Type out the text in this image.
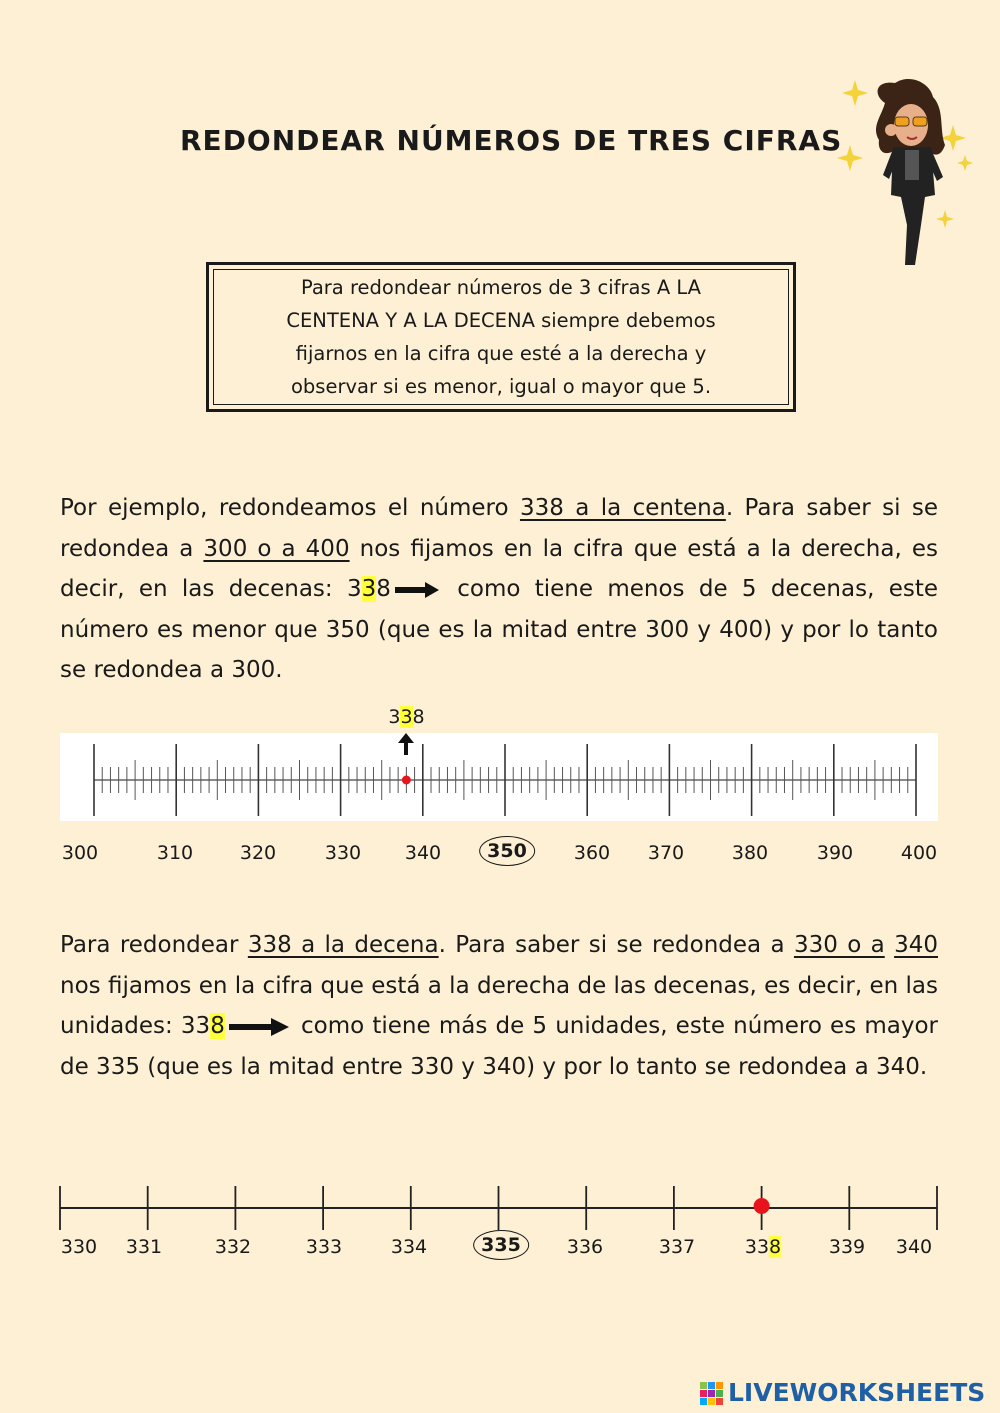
REDONDEAR NÚMEROS DE TRES CIFRAS
Para redondear números de 3 cifras A LA
CENTENA Y A LA DECENA siempre debemos
fijarnos en la cifra que esté a la derecha y
observar si es menor, igual o mayor que 5.
Por ejemplo, redondeamos el número 338 a la centena. Para saber si se redondea a 300 o a 400 nos fijamos en la cifra que está a la derecha, es decir, en las decenas: 338 como tiene menos de 5 decenas, este número es menor que 350 (que es la mitad entre 300 y 400) y por lo tanto se redondea a 300.
338
300	310 320	330 340	350	360 370	380	390	400
Para redondear 338 a la decena. Para saber si se redondea a 330 o a 340 nos fijamos en la cifra que está a la derecha de las decenas, es decir, en las unidades: 338	como tiene más de 5 unidades, este número es mayor de 335 (que es la mitad entre 330 y 340) y por lo tanto se redondea a 340.
330 331	332	333	334	335	336	337	338	339 340
LIVEWORKSHEETS
